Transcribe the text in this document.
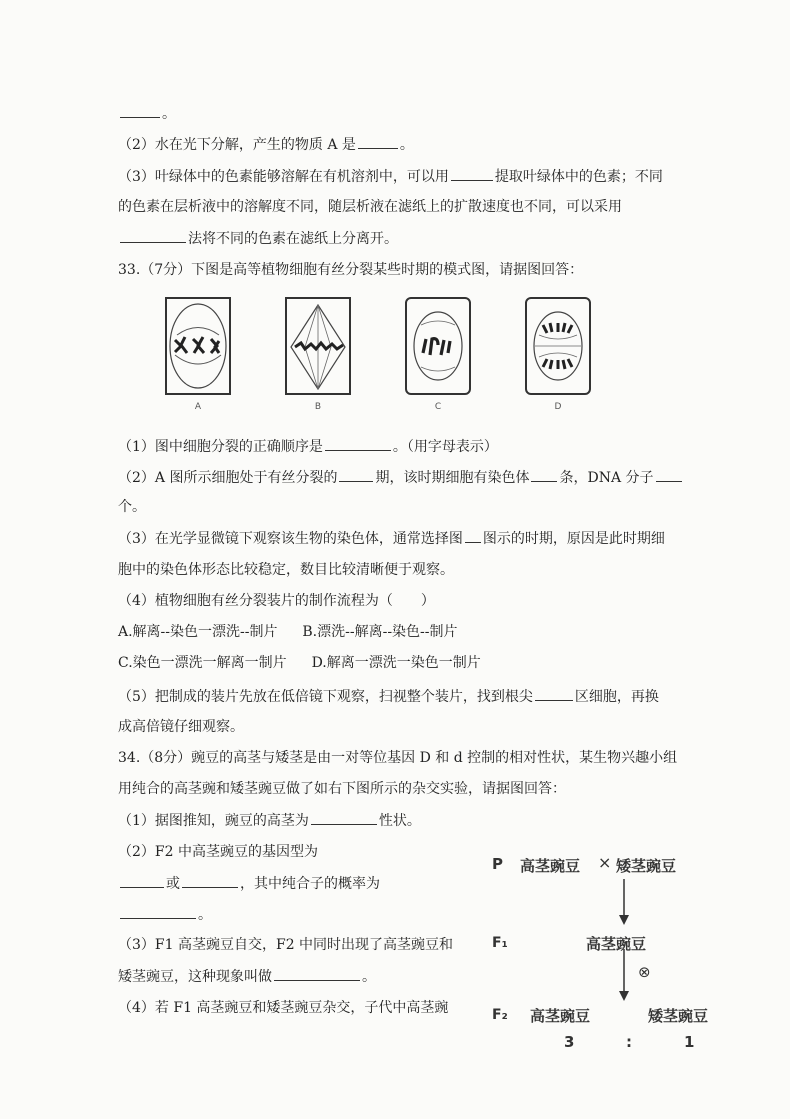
。
（2）水在光下分解，产生的物质 A 是	。
（3）叶绿体中的色素能够溶解在有机溶剂中，可以用	提取叶绿体中的色素；不同
的色素在层析液中的溶解度不同，随层析液在滤纸上的扩散速度也不同，可以采用
法将不同的色素在滤纸上分离开。
33.（7分）下图是高等植物细胞有丝分裂某些时期的模式图，请据图回答：
A	B	C	D
（1）图中细胞分裂的正确顺序是	。（用字母表示）
（2）A 图所示细胞处于有丝分裂的	期，该时期细胞有染色体 条，DNA 分子
个。
（3）在光学显微镜下观察该生物的染色体，通常选择图 图示的时期，原因是此时期细
胞中的染色体形态比较稳定，数目比较清晰便于观察。
（4）植物细胞有丝分裂装片的制作流程为（　　）
A.解离--染色一漂洗--制片 B.漂洗--解离--染色--制片
C.染色一漂洗一解离一制片 D.解离一漂洗一染色一制片
（5）把制成的装片先放在低倍镜下观察，扫视整个装片，找到根尖	区细胞，再换
成高倍镜仔细观察。
34.（8分）豌豆的高茎与矮茎是由一对等位基因 D 和 d 控制的相对性状，某生物兴趣小组
用纯合的高茎豌和矮茎豌豆做了如右下图所示的杂交实验，请据图回答：
（1）据图推知，豌豆的高茎为	性状。
（2）F2 中高茎豌豆的基因型为
或	，其中纯合子的概率为
。
（3）F1 高茎豌豆自交，F2 中同时出现了高茎豌豆和
矮茎豌豆，这种现象叫做	。
（4）若 F1 高茎豌豆和矮茎豌豆杂交，子代中高茎豌
P 高茎豌豆 × 矮茎豌豆
F₁	高茎豌豆
⊗
F₂ 高茎豌豆	矮茎豌豆
3	:	1
